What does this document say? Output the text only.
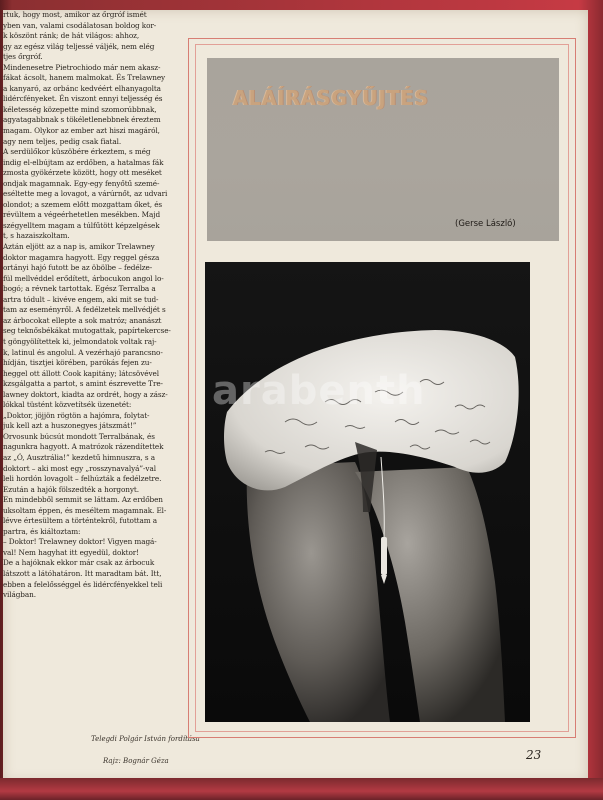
rtuk, hogy most, amikor az őrgróf ismét
yben van, valami csodálatosan boldog kor-
k köszönt ránk; de hát világos: ahhoz,
gy az egész világ teljessé váljék, nem elég
tjes őrgróf.
Mindenesetre Pietrochiodo már nem akasz-
fákat ácsolt, hanem malmokat. És Trelawney
a kanyaró, az orbánc kedvéért elhanyagolta
lidércfényeket. Én viszont ennyi teljesség és
kéletesség közepette mind szomorúbbnak,
agyatagabbnak s tökéletlenebbnek éreztem
magam. Olykor az ember azt hiszi magáról,
agy nem teljes, pedig csak fiatal.
A serdülőkor küszöbére érkeztem, s még
indig el-elbújtam az erdőben, a hatalmas fák
zmosta gyökérzete között, hogy ott meséket
ondjak magamnak. Egy-egy fenyőtű szemé-
eséltette meg a lovagot, a várúrnőt, az udvari
olondot; a szemem előtt mozgattam őket, és
révültem a végeérhetetlen mesékben. Majd
szégyelltem magam a túlfűtött képzelgések
t, s hazaiszkoltam.
Aztán eljött az a nap is, amikor Trelawney
doktor magamra hagyott. Egy reggel gésza
ortányi hajó futott be az öbölbe – fedélze-
fül mellvéddel erődített, árbocukon angol lo-
bogó; a révnek tartottak. Egész Terralba a
artra tódult – kivéve engem, aki mit se tud-
tam az eseményről. A fedélzetek mellvédjét s
az árbocokat ellepte a sok matróz; ananászt
seg teknősbékákat mutogattak, papírtekercse-
t göngyölítettek ki, jelmondatok voltak raj-
k, latinul és angolul. A vezérhajó parancsno-
hídján, tisztjei körében, parókás fejen zu-
heggel ott állott Cook kapitány; látcsövével
kzsgálgatta a partot, s amint észrevette Tre-
lawney doktort, kiadta az ordrét, hogy a zász-
lókkal tüstént közvetítsék üzenetét:
„Doktor, jöjjön rögtön a hajómra, folytat-
juk kell azt a huszonegyes játszmát!”
Orvosunk búcsút mondott Terralbának, és
nagunkra hagyott. A matrózok rázendítettek
az „Ó, Ausztrália!” kezdetű himnuszra, s a
doktort – aki most egy „rosszynavalyá”-val
leli hordón lovagolt – felhúzták a fedélzetre.
Ezután a hajók fölszedték a horgonyt.
En mindebből semmit se láttam. Az erdőben
uksoltam éppen, és meséltem magamnak. El-
lévve értesültem a történtekről, futottam a
partra, és kiáltoztam:
– Doktor! Trelawney doktor! Vigyen magá-
val! Nem hagyhat itt egyedül, doktor!
De a hajóknak ekkor már csak az árbocuk
látszott a látóhatáron. Itt maradtam bát. Itt,
ebben a felelősséggel és lidércfényekkel teli
világban.

Telegdi Polgár István fordítása
Rajz: Bognár Géza	23
ALÁÍRÁSGYŰJTÉS
(Gerse László)
arabenth
